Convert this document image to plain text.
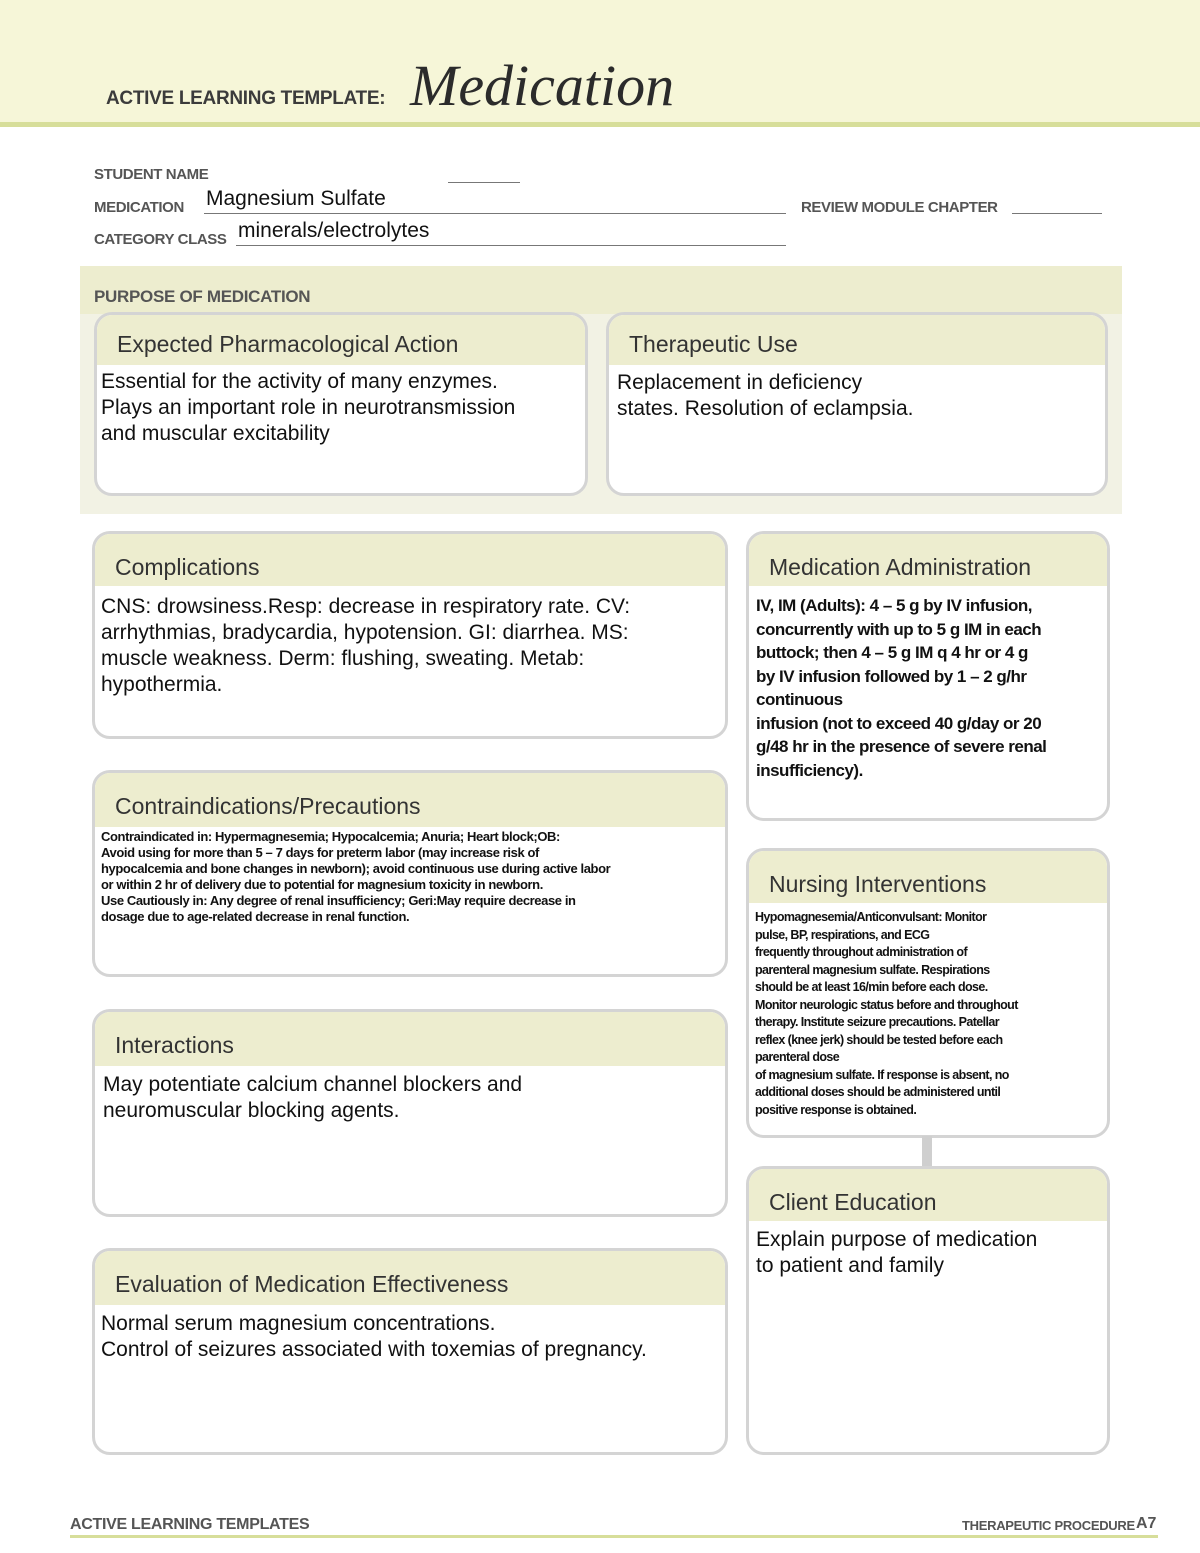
ACTIVE LEARNING TEMPLATE: Medication
STUDENT NAME
MEDICATION Magnesium Sulfate	REVIEW MODULE CHAPTER
CATEGORY CLASS minerals/electrolytes
PURPOSE OF MEDICATION
Expected Pharmacological Action
Essential for the activity of many enzymes.
Plays an important role in neurotransmission
and muscular excitability
Therapeutic Use
Replacement in deficiency
states. Resolution of eclampsia.
Complications
CNS: drowsiness.Resp: decrease in respiratory rate. CV:
arrhythmias, bradycardia, hypotension. GI: diarrhea. MS:
muscle weakness. Derm: flushing, sweating. Metab:
hypothermia.
Contraindications/Precautions
Contraindicated in: Hypermagnesemia; Hypocalcemia; Anuria; Heart block;OB:
Avoid using for more than 5 – 7 days for preterm labor (may increase risk of
hypocalcemia and bone changes in newborn); avoid continuous use during active labor
or within 2 hr of delivery due to potential for magnesium toxicity in newborn.
Use Cautiously in: Any degree of renal insufficiency; Geri:May require decrease in
dosage due to age-related decrease in renal function.
Interactions
May potentiate calcium channel blockers and
neuromuscular blocking agents.
Evaluation of Medication Effectiveness
Normal serum magnesium concentrations.
Control of seizures associated with toxemias of pregnancy.
Medication Administration
IV, IM (Adults): 4 – 5 g by IV infusion,
concurrently with up to 5 g IM in each
buttock; then 4 – 5 g IM q 4 hr or 4 g
by IV infusion followed by 1 – 2 g/hr
continuous
infusion (not to exceed 40 g/day or 20
g/48 hr in the presence of severe renal
insufficiency).
Nursing Interventions
Hypomagnesemia/Anticonvulsant: Monitor
pulse, BP, respirations, and ECG
frequently throughout administration of
parenteral magnesium sulfate. Respirations
should be at least 16/min before each dose.
Monitor neurologic status before and throughout
therapy. Institute seizure precautions. Patellar
reflex (knee jerk) should be tested before each
parenteral dose
of magnesium sulfate. If response is absent, no
additional doses should be administered until
positive response is obtained.
Client Education
Explain purpose of medication
to patient and family
ACTIVE LEARNING TEMPLATES	THERAPEUTIC PROCEDURE A7
